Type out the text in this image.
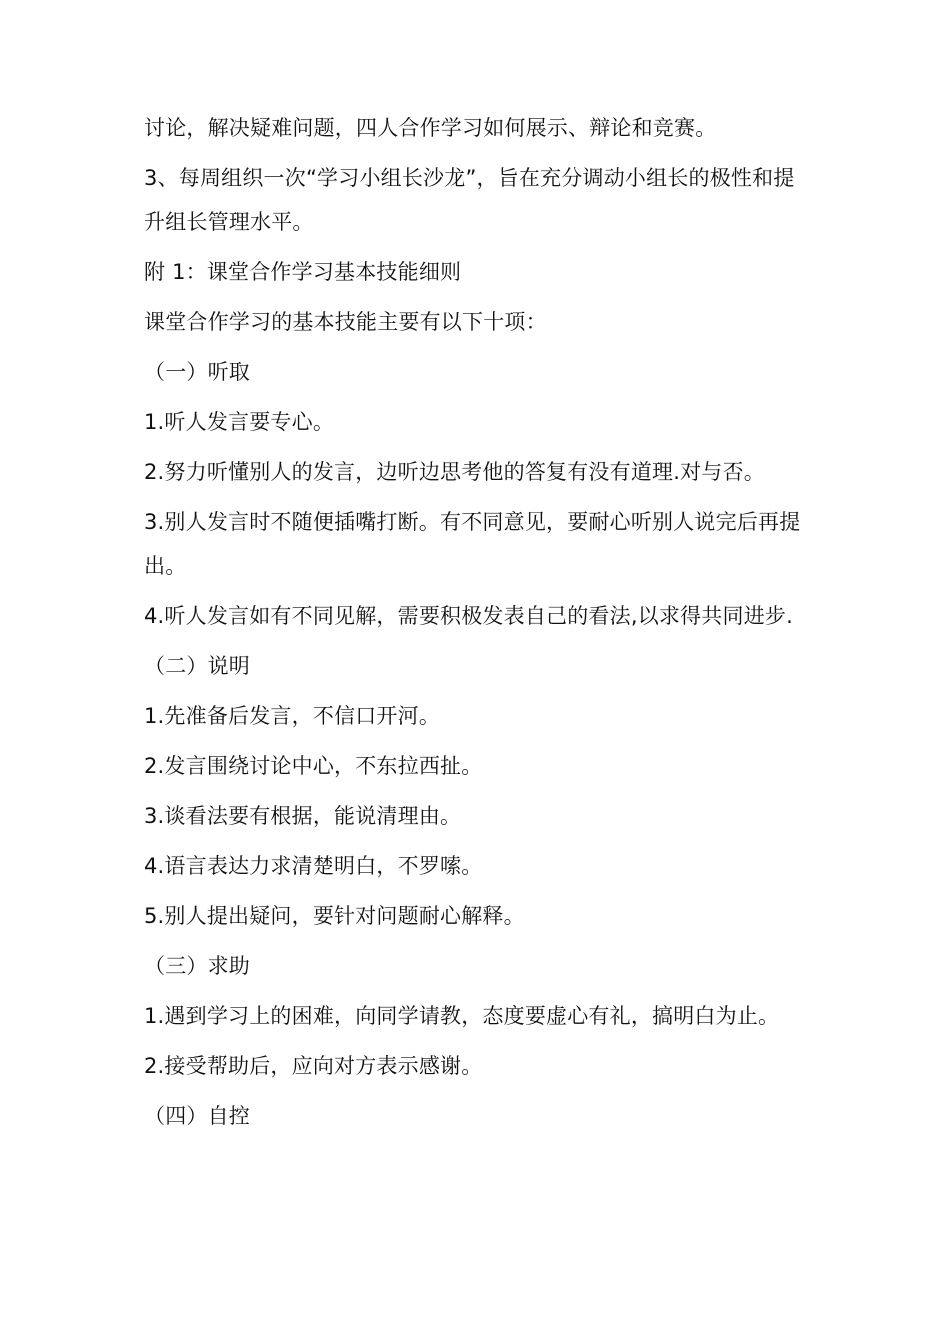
讨论，解决疑难问题，四人合作学习如何展示、辩论和竞赛。

3、每周组织一次“学习小组长沙龙”，旨在充分调动小组长的极性和提升组长管理水平。

附 1：课堂合作学习基本技能细则

课堂合作学习的基本技能主要有以下十项：

（一）听取

1.听人发言要专心。

2.努力听懂别人的发言，边听边思考他的答复有没有道理.对与否。

3.别人发言时不随便插嘴打断。有不同意见，要耐心听别人说完后再提出。

4.听人发言如有不同见解，需要积极发表自己的看法,以求得共同进步.

（二）说明

1.先准备后发言，不信口开河。

2.发言围绕讨论中心，不东拉西扯。

3.谈看法要有根据，能说清理由。

4.语言表达力求清楚明白，不罗嗦。

5.别人提出疑问，要针对问题耐心解释。

（三）求助

1.遇到学习上的困难，向同学请教，态度要虚心有礼，搞明白为止。

2.接受帮助后，应向对方表示感谢。

（四）自控
